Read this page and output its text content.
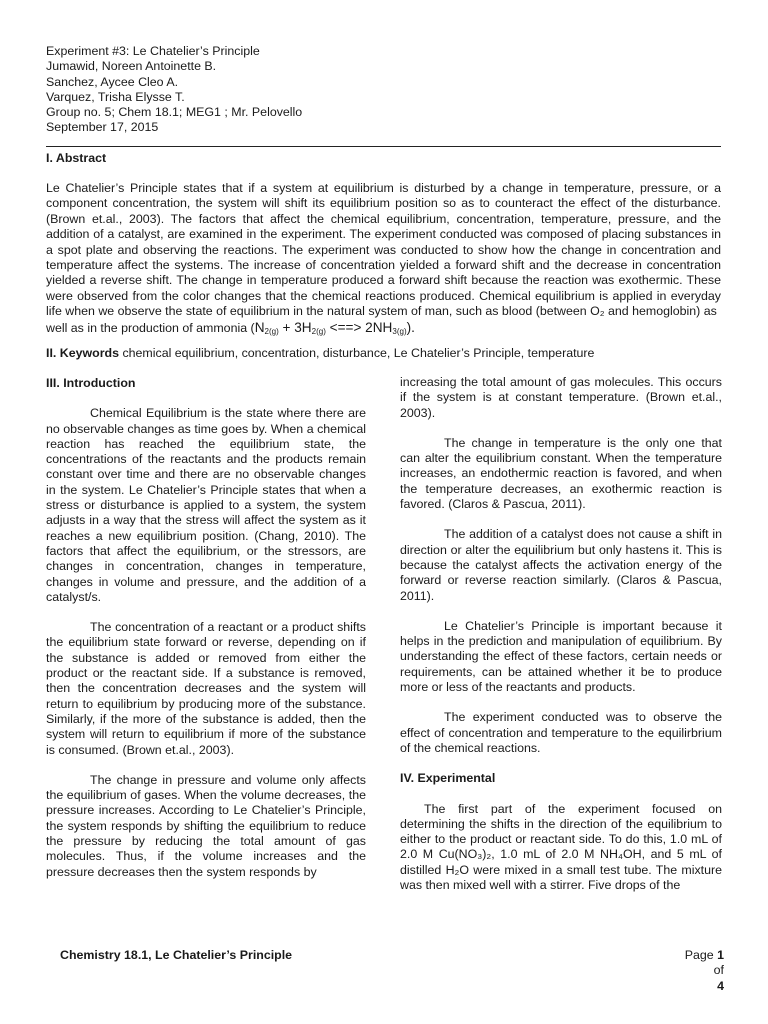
Experiment #3: Le Chatelier’s Principle
Jumawid, Noreen Antoinette B.
Sanchez, Aycee Cleo A.
Varquez, Trisha Elysse T.
Group no. 5; Chem 18.1; MEG1 ; Mr. Pelovello
September 17, 2015
I. Abstract

Le Chatelier’s Principle states that if a system at equilibrium is disturbed by a change in temperature, pressure, or a component concentration, the system will shift its equilibrium position so as to counteract the effect of the disturbance. (Brown et.al., 2003). The factors that affect the chemical equilibrium, concentration, temperature, pressure, and the addition of a catalyst, are examined in the experiment. The experiment conducted was composed of placing substances in a spot plate and observing the reactions. The experiment was conducted to show how the change in concentration and temperature affect the systems. The increase of concentration yielded a forward shift and the decrease in concentration yielded a reverse shift. The change in temperature produced a forward shift because the reaction was exothermic. These were observed from the color changes that the chemical reactions produced. Chemical equilibrium is applied in everyday life when we observe the state of equilibrium in the natural system of man, such as blood (between O₂ and hemoglobin) as

well as in the production of ammonia ($N_{2(g)} + 3H_{2(g)}$ <==> $2NH_{3(g)}$).

II. Keywords chemical equilibrium, concentration, disturbance, Le Chatelier’s Principle, temperature
III. Introduction

Chemical Equilibrium is the state where there are no observable changes as time goes by. When a chemical reaction has reached the equilibrium state, the concentrations of the reactants and the products remain constant over time and there are no observable changes in the system. Le Chatelier’s Principle states that when a stress or disturbance is applied to a system, the system adjusts in a way that the stress will affect the system as it reaches a new equilibrium position. (Chang, 2010). The factors that affect the equilibrium, or the stressors, are changes in concentration, changes in temperature, changes in volume and pressure, and the addition of a catalyst/s.

The concentration of a reactant or a product shifts the equilibrium state forward or reverse, depending on if the substance is added or removed from either the product or the reactant side. If a substance is removed, then the concentration decreases and the system will return to equilibrium by producing more of the substance. Similarly, if the more of the substance is added, then the system will return to equilibrium if more of the substance is consumed. (Brown et.al., 2003).

The change in pressure and volume only affects the equilibrium of gases. When the volume decreases, the pressure increases. According to Le Chatelier’s Principle, the system responds by shifting the equilibrium to reduce the pressure by reducing the total amount of gas molecules. Thus, if the volume increases and the pressure decreases then the system responds by

increasing the total amount of gas molecules. This occurs if the system is at constant temperature. (Brown et.al., 2003).

The change in temperature is the only one that can alter the equilibrium constant. When the temperature increases, an endothermic reaction is favored, and when the temperature decreases, an exothermic reaction is favored. (Claros & Pascua, 2011).

The addition of a catalyst does not cause a shift in direction or alter the equilibrium but only hastens it. This is because the catalyst affects the activation energy of the forward or reverse reaction similarly. (Claros & Pascua, 2011).

Le Chatelier’s Principle is important because it helps in the prediction and manipulation of equilibrium. By understanding the effect of these factors, certain needs or requirements, can be attained whether it be to produce more or less of the reactants and products.

The experiment conducted was to observe the effect of concentration and temperature to the equilirbrium of the chemical reactions.

IV. Experimental

The first part of the experiment focused on determining the shifts in the direction of the equilibrium to either to the product or reactant side. To do this, 1.0 mL of 2.0 M Cu(NO₃)₂, 1.0 mL of 2.0 M NH₄OH, and 5 mL of distilled H₂O were mixed in a small test tube. The mixture was then mixed well with a stirrer. Five drops of the

Chemistry 18.1, Le Chatelier’s Principle	Page 1 of
4
